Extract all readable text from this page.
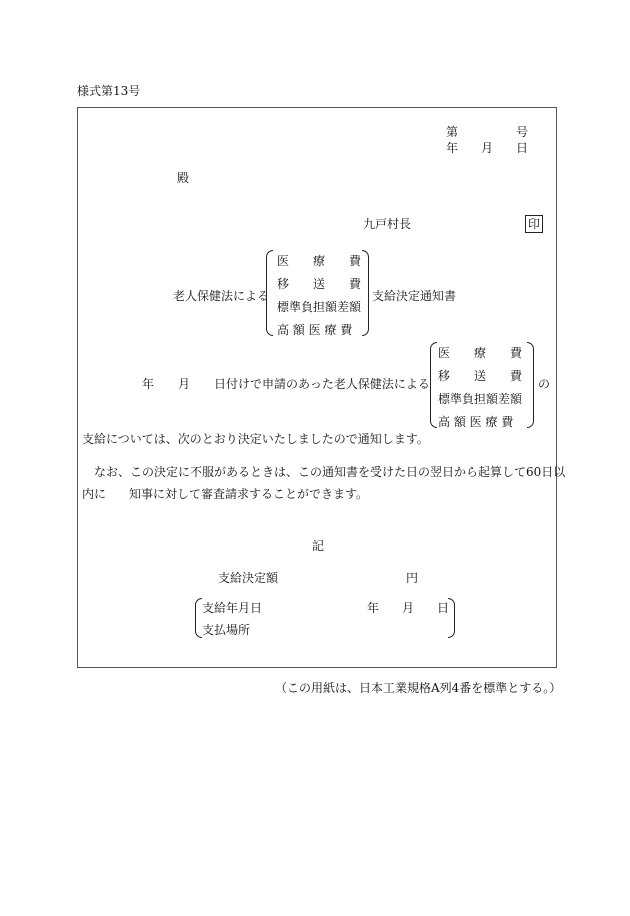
様式第13号
第	号
年 月 日
殿
九戸村長	印
老人保健法による
医　　療　　費
移　　送　　費
標準負担額差額
高 額 医 療 費
支給決定通知書
年 月 日付けで申請のあった老人保健法による
医　　療　　費
移　　送　　費
標準負担額差額
高 額 医 療 費
の
支給については、次のとおり決定いたしましたので通知します。
なお、この決定に不服があるときは、この通知書を受けた日の翌日から起算して60日以
内に 知事に対して審査請求することができます。
記
支給決定額	円
支給年月日	年 月 日
支払場所
（この用紙は、日本工業規格A列4番を標準とする。）
